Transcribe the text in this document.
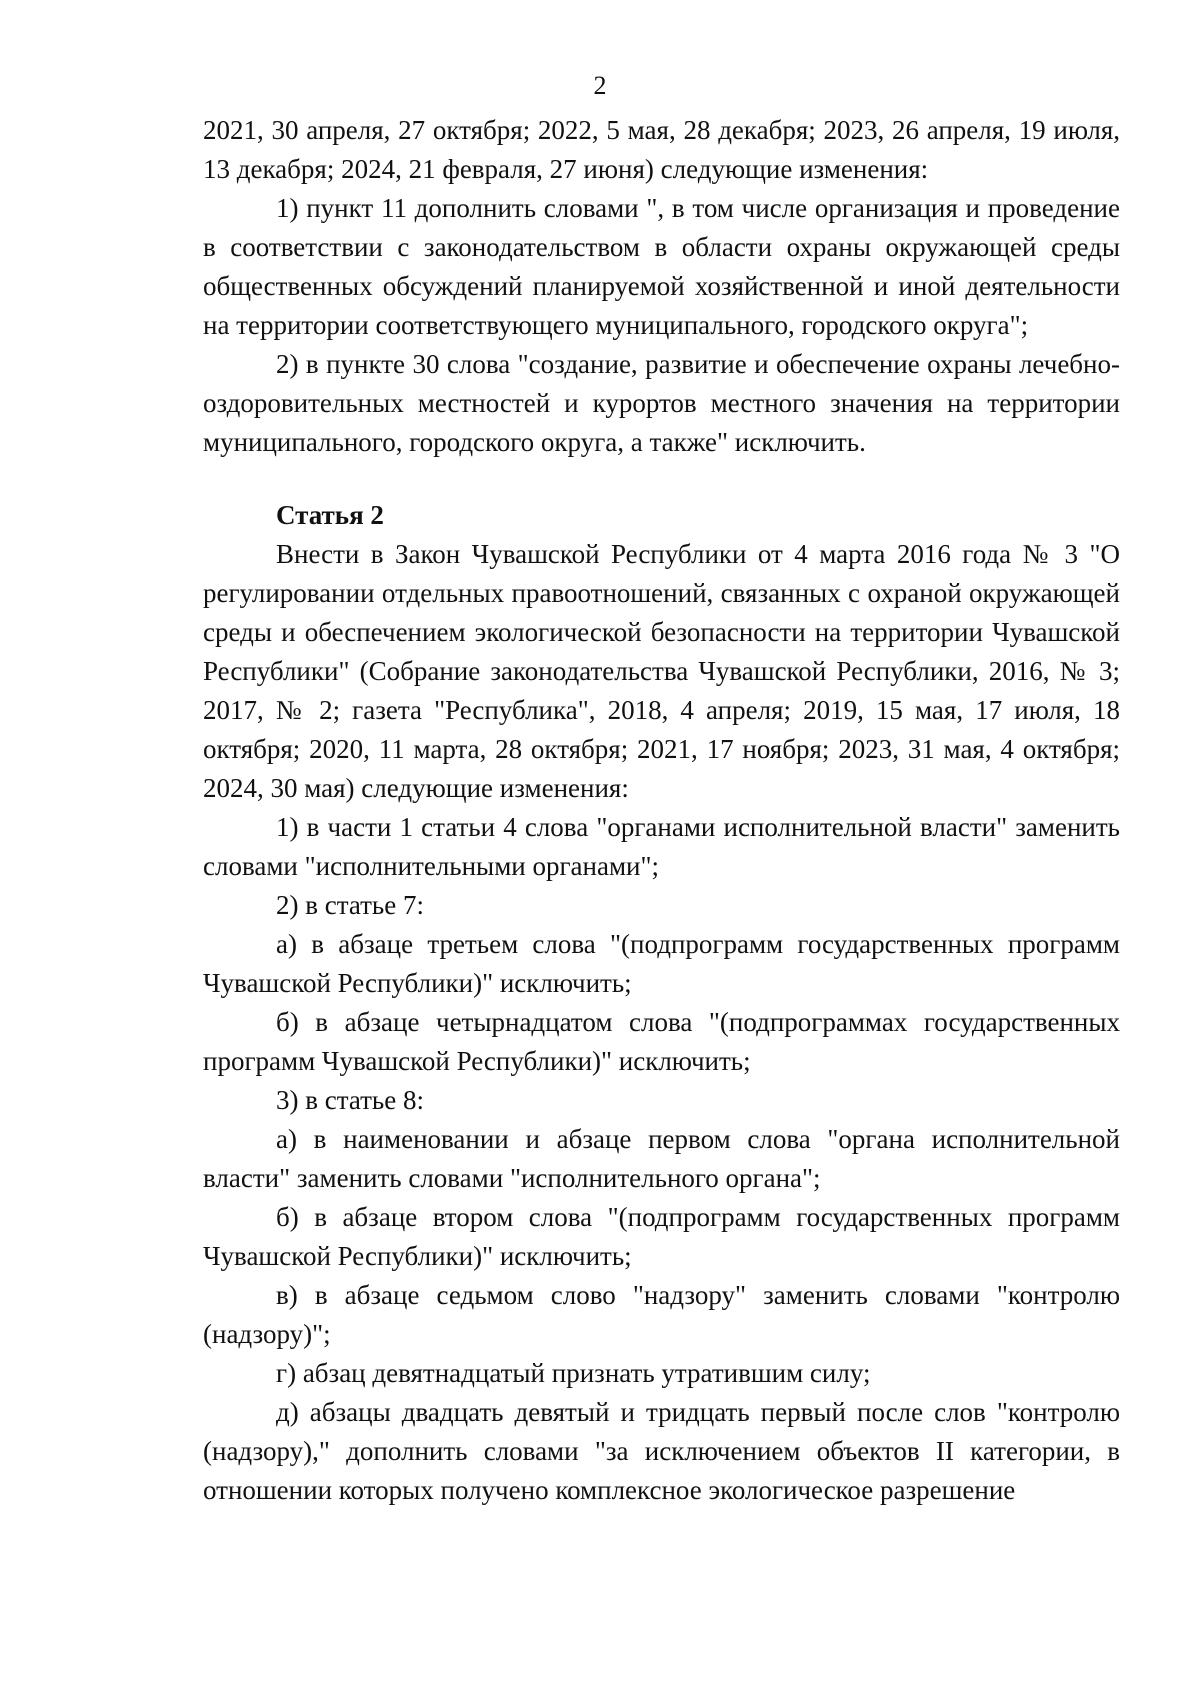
2

2021, 30 апреля, 27 октября; 2022, 5 мая, 28 декабря; 2023, 26 апреля, 19 июля, 13 декабря; 2024, 21 февраля, 27 июня) следующие изменения:

1) пункт 11 дополнить словами ", в том числе организация и проведение в соответствии с законодательством в области охраны окружающей среды общественных обсуждений планируемой хозяйственной и иной деятельности на территории соответствующего муниципального, городского округа";

2) в пункте 30 слова "создание, развитие и обеспечение охраны лечебно-оздоровительных местностей и курортов местного значения на территории муниципального, городского округа, а также" исключить.

Статья 2

Внести в Закон Чувашской Республики от 4 марта 2016 года № 3 "О регулировании отдельных правоотношений, связанных с охраной окружающей среды и обеспечением экологической безопасности на территории Чувашской Республики" (Собрание законодательства Чувашской Республики, 2016, № 3; 2017, № 2; газета "Республика", 2018, 4 апреля; 2019, 15 мая, 17 июля, 18 октября; 2020, 11 марта, 28 октября; 2021, 17 ноября; 2023, 31 мая, 4 октября; 2024, 30 мая) следующие изменения:

1) в части 1 статьи 4 слова "органами исполнительной власти" заменить словами "исполнительными органами";

2) в статье 7:

а) в абзаце третьем слова "(подпрограмм государственных программ Чувашской Республики)" исключить;

б) в абзаце четырнадцатом слова "(подпрограммах государственных программ Чувашской Республики)" исключить;

3) в статье 8:

а) в наименовании и абзаце первом слова "органа исполнительной власти" заменить словами "исполнительного органа";

б) в абзаце втором слова "(подпрограмм государственных программ Чувашской Республики)" исключить;

в) в абзаце седьмом слово "надзору" заменить словами "контролю (надзору)";

г) абзац девятнадцатый признать утратившим силу;

д) абзацы двадцать девятый и тридцать первый после слов "контролю (надзору)," дополнить словами "за исключением объектов II категории, в отношении которых получено комплексное экологическое разрешение
